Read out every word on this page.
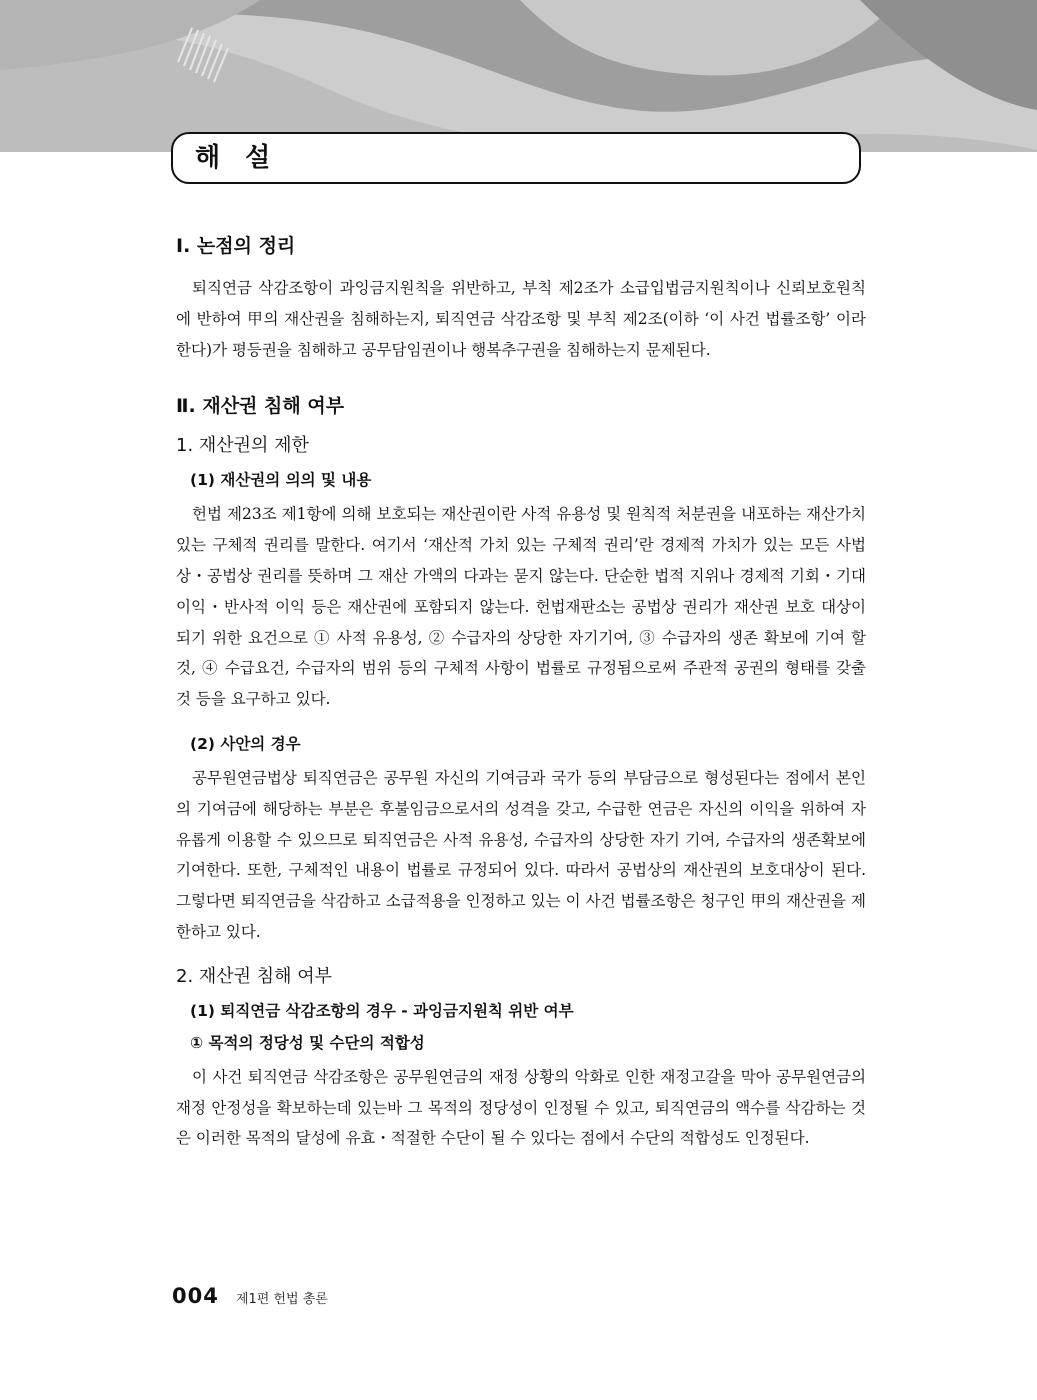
해 설
Ⅰ. 논점의 정리

퇴직연금 삭감조항이 과잉금지원칙을 위반하고, 부칙 제2조가 소급입법금지원칙이나 신뢰보호원칙에 반하여 甲의 재산권을 침해하는지, 퇴직연금 삭감조항 및 부칙 제2조(이하 ‘이 사건 법률조항’ 이라 한다)가 평등권을 침해하고 공무담임권이나 행복추구권을 침해하는지 문제된다.

Ⅱ. 재산권 침해 여부
1. 재산권의 제한
(1) 재산권의 의의 및 내용

헌법 제23조 제1항에 의해 보호되는 재산권이란 사적 유용성 및 원칙적 처분권을 내포하는 재산가치 있는 구체적 권리를 말한다. 여기서 ‘재산적 가치 있는 구체적 권리’란 경제적 가치가 있는 모든 사법상・공법상 권리를 뜻하며 그 재산 가액의 다과는 묻지 않는다. 단순한 법적 지위나 경제적 기회・기대이익・반사적 이익 등은 재산권에 포함되지 않는다. 헌법재판소는 공법상 권리가 재산권 보호 대상이 되기 위한 요건으로 ① 사적 유용성, ② 수급자의 상당한 자기기여, ③ 수급자의 생존 확보에 기여 할 것, ④ 수급요건, 수급자의 범위 등의 구체적 사항이 법률로 규정됨으로써 주관적 공권의 형태를 갖출 것 등을 요구하고 있다.

(2) 사안의 경우

공무원연금법상 퇴직연금은 공무원 자신의 기여금과 국가 등의 부담금으로 형성된다는 점에서 본인의 기여금에 해당하는 부분은 후불임금으로서의 성격을 갖고, 수급한 연금은 자신의 이익을 위하여 자유롭게 이용할 수 있으므로 퇴직연금은 사적 유용성, 수급자의 상당한 자기 기여, 수급자의 생존확보에 기여한다. 또한, 구체적인 내용이 법률로 규정되어 있다. 따라서 공법상의 재산권의 보호대상이 된다. 그렇다면 퇴직연금을 삭감하고 소급적용을 인정하고 있는 이 사건 법률조항은 청구인 甲의 재산권을 제한하고 있다.

2. 재산권 침해 여부
(1) 퇴직연금 삭감조항의 경우 - 과잉금지원칙 위반 여부
① 목적의 정당성 및 수단의 적합성

이 사건 퇴직연금 삭감조항은 공무원연금의 재정 상황의 악화로 인한 재정고갈을 막아 공무원연금의 재정 안정성을 확보하는데 있는바 그 목적의 정당성이 인정될 수 있고, 퇴직연금의 액수를 삭감하는 것은 이러한 목적의 달성에 유효・적절한 수단이 될 수 있다는 점에서 수단의 적합성도 인정된다.

004 제1편 헌법 총론
